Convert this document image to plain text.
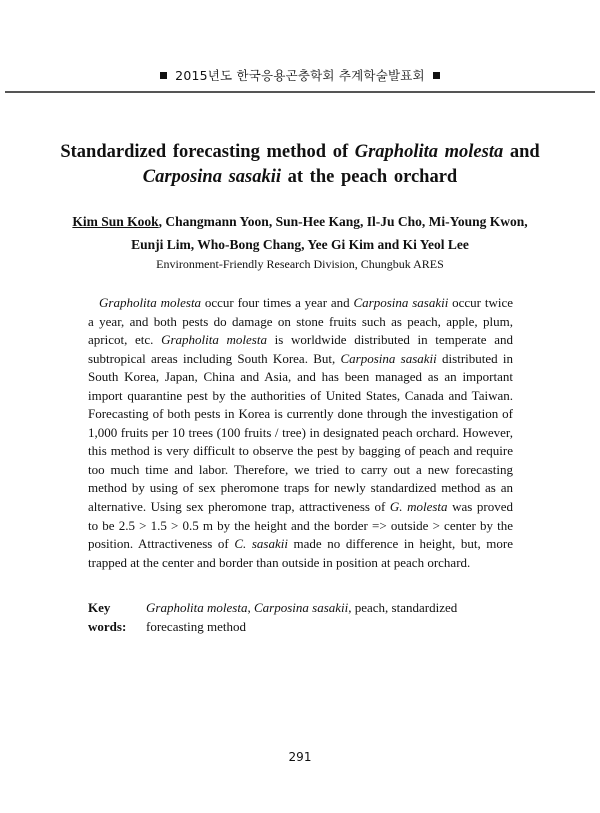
2015년도 한국응용곤충학회 추계학술발표회
Standardized forecasting method of Grapholita molesta and
Carposina sasakii at the peach orchard
Kim Sun Kook, Changmann Yoon, Sun-Hee Kang, Il-Ju Cho, Mi-Young Kwon,
Eunji Lim, Who-Bong Chang, Yee Gi Kim and Ki Yeol Lee
Environment-Friendly Research Division, Chungbuk ARES
Grapholita molesta occur four times a year and Carposina sasakii occur twice a year, and both pests do damage on stone fruits such as peach, apple, plum, apricot, etc. Grapholita molesta is worldwide distributed in temperate and subtropical areas including South Korea. But, Carposina sasakii distributed in South Korea, Japan, China and Asia, and has been managed as an important import quarantine pest by the authorities of United States, Canada and Taiwan. Forecasting of both pests in Korea is currently done through the investigation of 1,000 fruits per 10 trees (100 fruits / tree) in designated peach orchard. However, this method is very difficult to observe the pest by bagging of peach and require too much time and labor. Therefore, we tried to carry out a new forecasting method by using of sex pheromone traps for newly standardized method as an alternative. Using sex pheromone trap, attractiveness of G. molesta was proved to be 2.5 > 1.5 > 0.5 m by the height and the border => outside > center by the position. Attractiveness of C. sasakii made no difference in height, but, more trapped at the center and border than outside in position at peach orchard.
Key words:
Grapholita molesta, Carposina sasakii, peach, standardized forecasting method
291
